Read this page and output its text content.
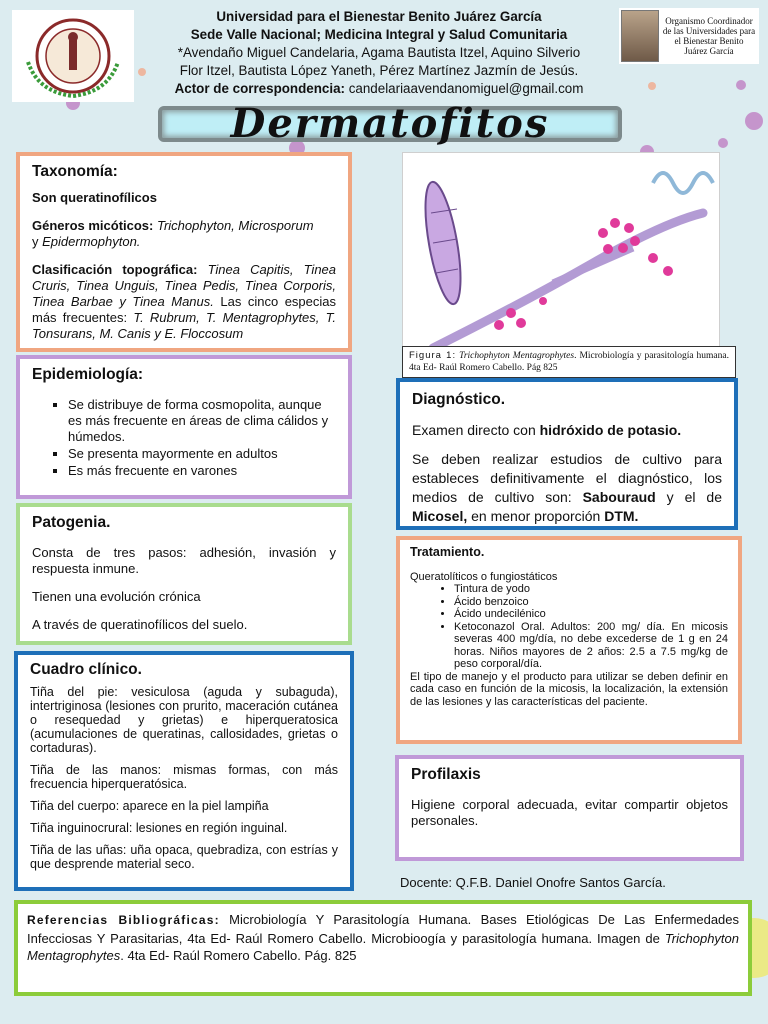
Universidad para el Bienestar Benito Juárez García
Sede Valle Nacional; Medicina Integral y Salud Comunitaria
*Avendaño Miguel Candelaria, Agama Bautista Itzel, Aquino Silverio
Flor Itzel, Bautista López Yaneth, Pérez Martínez Jazmín de Jesús.
Actor de correspondencia: candelariaavendanomiguel@gmail.com
Organismo Coordinador de las Universidades para el Bienestar Benito Juárez García
Dermatofitos
Taxonomía:

Son queratinofílicos

Géneros micóticos: Trichophyton, Microsporum
y Epidermophyton.

Clasificación topográfica: Tinea Capitis, Tinea Cruris, Tinea Unguis, Tinea Pedis, Tinea Corporis, Tinea Barbae y Tinea Manus. Las cinco especias más frecuentes: T. Rubrum, T. Mentagrophytes, T. Tonsurans, M. Canis y E. Floccosum

Epidemiología:
▪ Se distribuye de forma cosmopolita, aunque es más frecuente en áreas de clima cálidos y húmedos.
▪ Se presenta mayormente en adultos
▪ Es más frecuente en varones
Patogenia.

Consta de tres pasos: adhesión, invasión y respuesta inmune.

Tienen una evolución crónica

A través de queratinofílicos del suelo.

Cuadro clínico.

Tiña del pie: vesiculosa (aguda y subaguda), intertriginosa (lesiones con prurito, maceración cutánea o resequedad y grietas) e hiperqueratosica (acumulaciones de queratinas, callosidades, grietas o cortaduras).

Tiña de las manos: mismas formas, con más frecuencia hiperqueratósica.

Tiña del cuerpo: aparece en la piel lampiña

Tiña inguinocrural: lesiones en región inguinal.

Tiña de las uñas: uña opaca, quebradiza, con estrías y que desprende material seco.

Figura 1: Trichophyton Mentagrophytes. Microbiología y parasitología humana. 4ta Ed- Raúl Romero Cabello. Pág 825
Diagnóstico.

Examen directo con hidróxido de potasio.

Se deben realizar estudios de cultivo para estableces definitivamente el diagnóstico, los medios de cultivo son: Sabouraud y el de Micosel, en menor proporción DTM.

Tratamiento.
Queratolíticos o fungiostáticos
• Tintura de yodo
• Ácido benzoico
• Ácido undecilénico
• Ketoconazol Oral. Adultos: 200 mg/ día. En micosis severas 400 mg/día, no debe excederse de 1 g en 24 horas. Niños mayores de 2 años: 2.5 a 7.5 mg/kg de peso corporal/día.

El tipo de manejo y el producto para utilizar se deben definir en cada caso en función de la micosis, la localización, la extensión de las lesiones y las características del paciente.

Profilaxis

Higiene corporal adecuada, evitar compartir objetos personales.

Docente: Q.F.B. Daniel Onofre Santos García.
Referencias Bibliográficas: Microbiología Y Parasitología Humana. Bases Etiológicas De Las Enfermedades Infecciosas Y Parasitarias, 4ta Ed- Raúl Romero Cabello. Microbioogía y parasitología humana. Imagen de Trichophyton Mentagrophytes. 4ta Ed- Raúl Romero Cabello. Pág. 825
